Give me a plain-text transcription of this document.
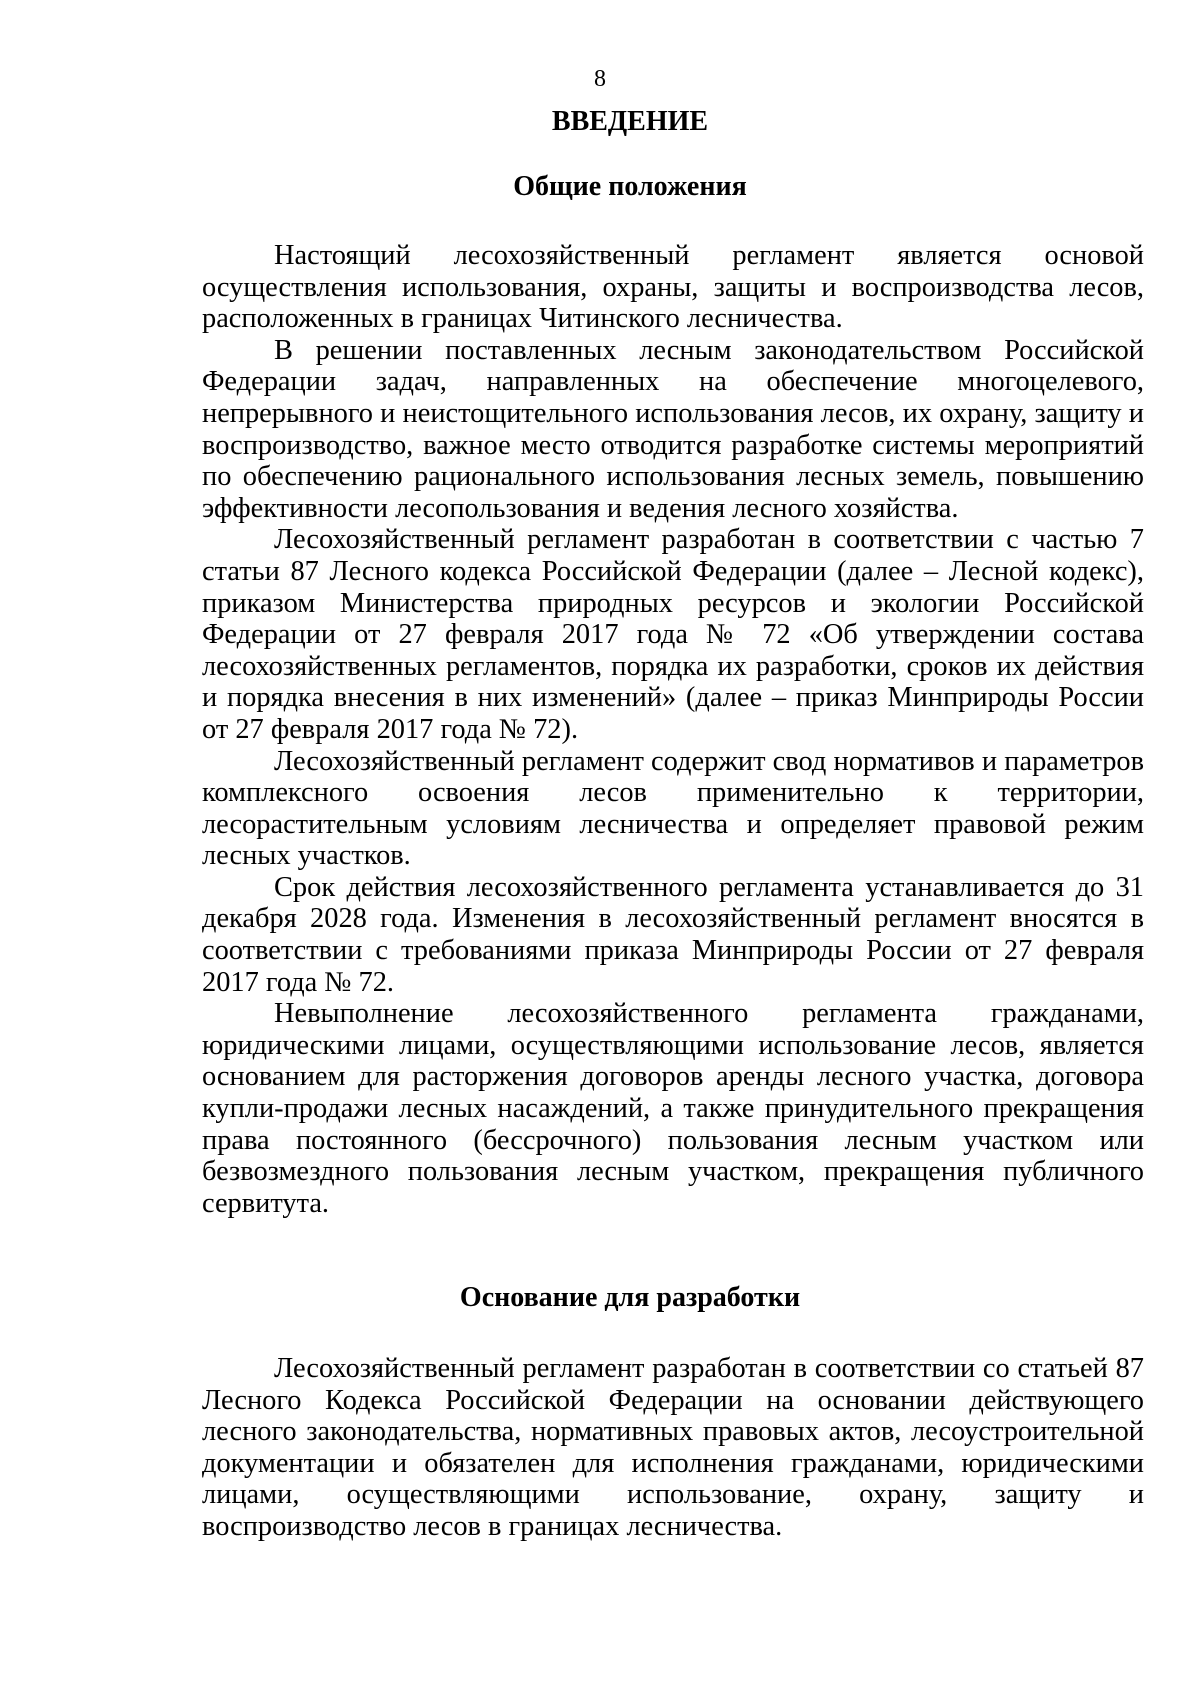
8
ВВЕДЕНИЕ
Общие положения

Настоящий лесохозяйственный регламент является основой осуществления использования, охраны, защиты и воспроизводства лесов, расположенных в границах Читинского лесничества.

В решении поставленных лесным законодательством Российской Федерации задач, направленных на обеспечение многоцелевого, непрерывного и неистощительного использования лесов, их охрану, защиту и воспроизводство, важное место отводится разработке системы мероприятий по обеспечению рационального использования лесных земель, повышению эффективности лесопользования и ведения лесного хозяйства.

Лесохозяйственный регламент разработан в соответствии с частью 7 статьи 87 Лесного кодекса Российской Федерации (далее – Лесной кодекс), приказом Министерства природных ресурсов и экологии Российской Федерации от 27 февраля 2017 года № 72 «Об утверждении состава лесохозяйственных регламентов, порядка их разработки, сроков их действия и порядка внесения в них изменений» (далее – приказ Минприроды России от 27 февраля 2017 года № 72).

Лесохозяйственный регламент содержит свод нормативов и параметров комплексного освоения лесов применительно к территории, лесорастительным условиям лесничества и определяет правовой режим лесных участков.

Срок действия лесохозяйственного регламента устанавливается до 31 декабря 2028 года. Изменения в лесохозяйственный регламент вносятся в соответствии с требованиями приказа Минприроды России от 27 февраля 2017 года № 72.

Невыполнение лесохозяйственного регламента гражданами, юридическими лицами, осуществляющими использование лесов, является основанием для расторжения договоров аренды лесного участка, договора купли-продажи лесных насаждений, а также принудительного прекращения права постоянного (бессрочного) пользования лесным участком или безвозмездного пользования лесным участком, прекращения публичного сервитута.

Основание для разработки

Лесохозяйственный регламент разработан в соответствии со статьей 87 Лесного Кодекса Российской Федерации на основании действующего лесного законодательства, нормативных правовых актов, лесоустроительной документации и обязателен для исполнения гражданами, юридическими лицами, осуществляющими использование, охрану, защиту и воспроизводство лесов в границах лесничества.
